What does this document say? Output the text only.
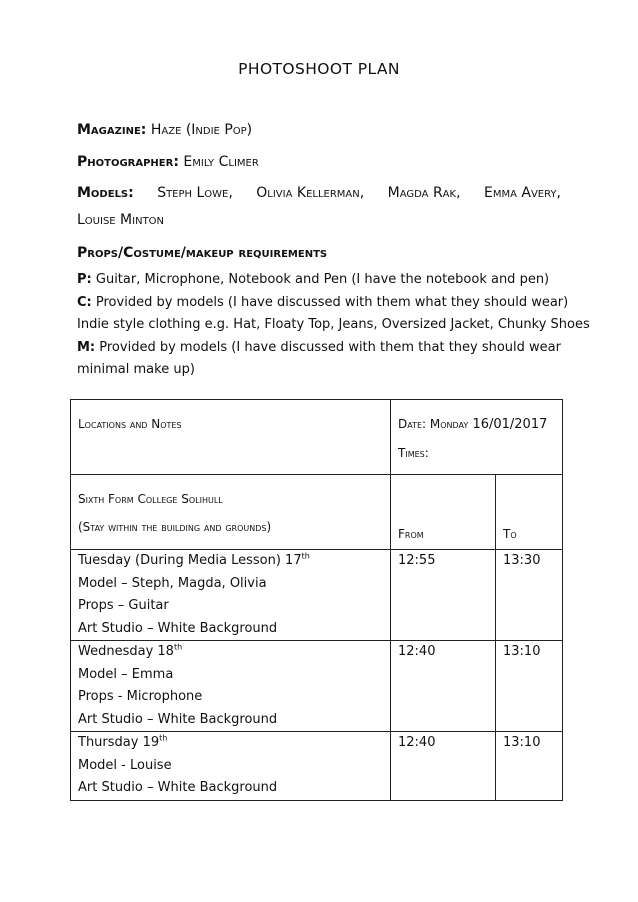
PHOTOSHOOT PLAN
Magazine: Haze (Indie Pop)
Photographer: Emily Climer
Models: Steph Lowe, Olivia Kellerman, Magda Rak, Emma Avery,
Louise Minton
Props/Costume/makeup requirements
P: Guitar, Microphone, Notebook and Pen (I have the notebook and pen)
C: Provided by models (I have discussed with them what they should wear)
Indie style clothing e.g. Hat, Floaty Top, Jeans, Oversized Jacket, Chunky Shoes
M: Provided by models (I have discussed with them that they should wear
minimal make up)
Locations and Notes	Date: Monday 16/01/2017
Times:	

Sixth Form College Solihull
(Stay within the building and grounds)	From	To

Tuesday (During Media Lesson) 17th
Model – Steph, Magda, Olivia
Props – Guitar
Art Studio – White Background	12:55	13:30

Wednesday 18th
Model – Emma
Props - Microphone
Art Studio – White Background	12:40	13:10

Thursday 19th
Model - Louise
Art Studio – White Background	12:40	13:10
